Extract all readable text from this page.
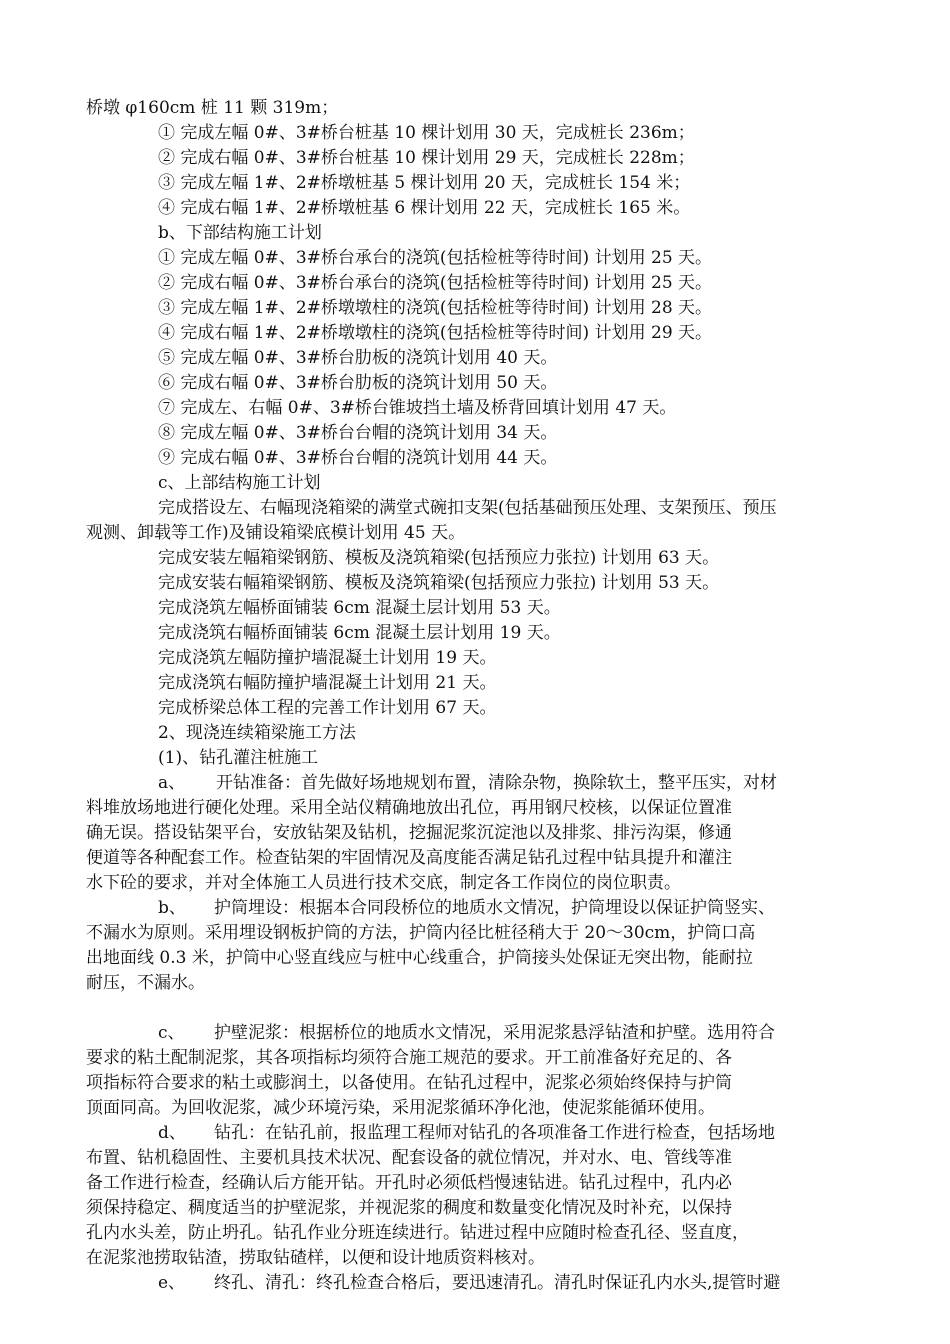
桥墩 φ160cm 桩 11 颗 319m；
① 完成左幅 0#、3#桥台桩基 10 棵计划用 30 天，完成桩长 236m；
② 完成右幅 0#、3#桥台桩基 10 棵计划用 29 天，完成桩长 228m；
③ 完成左幅 1#、2#桥墩桩基 5 棵计划用 20 天，完成桩长 154 米；
④ 完成右幅 1#、2#桥墩桩基 6 棵计划用 22 天，完成桩长 165 米。
b、下部结构施工计划
① 完成左幅 0#、3#桥台承台的浇筑(包括检桩等待时间) 计划用 25 天。
② 完成右幅 0#、3#桥台承台的浇筑(包括检桩等待时间) 计划用 25 天。
③ 完成左幅 1#、2#桥墩墩柱的浇筑(包括检桩等待时间) 计划用 28 天。
④ 完成右幅 1#、2#桥墩墩柱的浇筑(包括检桩等待时间) 计划用 29 天。
⑤ 完成左幅 0#、3#桥台肋板的浇筑计划用 40 天。
⑥ 完成右幅 0#、3#桥台肋板的浇筑计划用 50 天。
⑦ 完成左、右幅 0#、3#桥台锥坡挡土墙及桥背回填计划用 47 天。
⑧ 完成左幅 0#、3#桥台台帽的浇筑计划用 34 天。
⑨ 完成右幅 0#、3#桥台台帽的浇筑计划用 44 天。
c、上部结构施工计划
完成搭设左、右幅现浇箱梁的满堂式碗扣支架(包括基础预压处理、支架预压、预压
观测、卸载等工作)及铺设箱梁底模计划用 45 天。
完成安装左幅箱梁钢筋、模板及浇筑箱梁(包括预应力张拉) 计划用 63 天。
完成安装右幅箱梁钢筋、模板及浇筑箱梁(包括预应力张拉) 计划用 53 天。
完成浇筑左幅桥面铺装 6cm 混凝土层计划用 53 天。
完成浇筑右幅桥面铺装 6cm 混凝土层计划用 19 天。
完成浇筑左幅防撞护墙混凝土计划用 19 天。
完成浇筑右幅防撞护墙混凝土计划用 21 天。
完成桥梁总体工程的完善工作计划用 67 天。
2、现浇连续箱梁施工方法
(1)、钻孔灌注桩施工
a、 开钻准备：首先做好场地规划布置，清除杂物，换除软土，整平压实，对材
料堆放场地进行硬化处理。采用全站仪精确地放出孔位，再用钢尺校核，以保证位置准
确无误。搭设钻架平台，安放钻架及钻机，挖掘泥浆沉淀池以及排浆、排污沟渠，修通
便道等各种配套工作。检查钻架的牢固情况及高度能否满足钻孔过程中钻具提升和灌注
水下砼的要求，并对全体施工人员进行技术交底，制定各工作岗位的岗位职责。
b、 护筒埋设：根据本合同段桥位的地质水文情况，护筒埋设以保证护筒竖实、
不漏水为原则。采用埋设钢板护筒的方法，护筒内径比桩径稍大于 20～30cm，护筒口高
出地面线 0.3 米，护筒中心竖直线应与桩中心线重合，护筒接头处保证无突出物，能耐拉
耐压，不漏水。
c、 护壁泥浆：根据桥位的地质水文情况，采用泥浆悬浮钻渣和护壁。选用符合
要求的粘土配制泥浆，其各项指标均须符合施工规范的要求。开工前准备好充足的、各
项指标符合要求的粘土或膨润土，以备使用。在钻孔过程中，泥浆必须始终保持与护筒
顶面同高。为回收泥浆，减少环境污染，采用泥浆循环净化池，使泥浆能循环使用。
d、 钻孔：在钻孔前，报监理工程师对钻孔的各项准备工作进行检查，包括场地
布置、钻机稳固性、主要机具技术状况、配套设备的就位情况，并对水、电、管线等准
备工作进行检查，经确认后方能开钻。开孔时必须低档慢速钻进。钻孔过程中，孔内必
须保持稳定、稠度适当的护壁泥浆，并视泥浆的稠度和数量变化情况及时补充，以保持
孔内水头差，防止坍孔。钻孔作业分班连续进行。钻进过程中应随时检查孔径、竖直度，
在泥浆池捞取钻渣，捞取钻碴样，以便和设计地质资料核对。
e、 终孔、清孔：终孔检查合格后，要迅速清孔。清孔时保证孔内水头,提管时避
